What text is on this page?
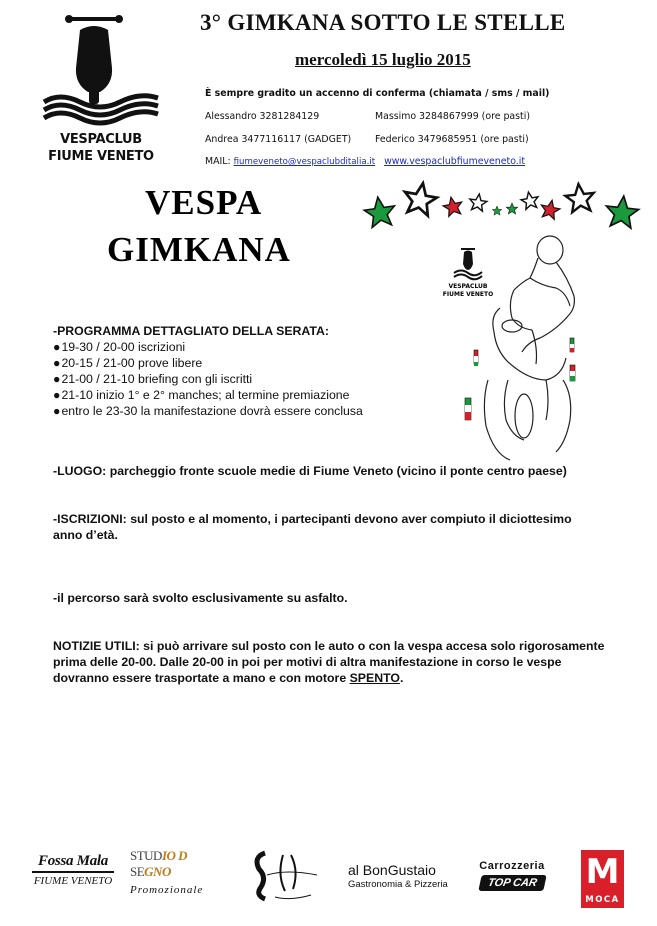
VESPACLUB
FIUME VENETO
3° GIMKANA SOTTO LE STELLE
mercoledì 15 luglio 2015
È sempre gradito un accenno di conferma (chiamata / sms / mail)
Alessandro 3281284129	Massimo 3284867999 (ore pasti)
Andrea 3477116117 (GADGET)	Federico 3479685951 (ore pasti)
MAIL: fiumeveneto@vespaclubditalia.it www.vespaclubfiumeveneto.it
VESPA
GIMKANA
VESPACLUB
FIUME VENETO
-PROGRAMMA DETTAGLIATO DELLA SERATA:
●19-30 / 20-00 iscrizioni
●20-15 / 21-00 prove libere
●21-00 / 21-10 briefing con gli iscritti
●21-10 inizio 1° e 2° manches; al termine premiazione
●entro le 23-30 la manifestazione dovrà essere conclusa
-LUOGO: parcheggio fronte scuole medie di Fiume Veneto (vicino il ponte centro paese)
-ISCRIZIONI: sul posto e al momento, i partecipanti devono aver compiuto il diciottesimo anno d’età.
-il percorso sarà svolto esclusivamente su asfalto.
NOTIZIE UTILI: si può arrivare sul posto con le auto o con la vespa accesa solo rigorosamente prima delle 20-00. Dalle 20-00 in poi per motivi di altra manifestazione in corso le vespe dovranno essere trasportate a mano e con motore SPENTO.
Fossa Mala
FIUME VENETO
STUDIO D
SEGNO
Promozionale
al BonGustaio
Gastronomia & Pizzeria
Carrozzeria
TOP CAR	M
MOCA
